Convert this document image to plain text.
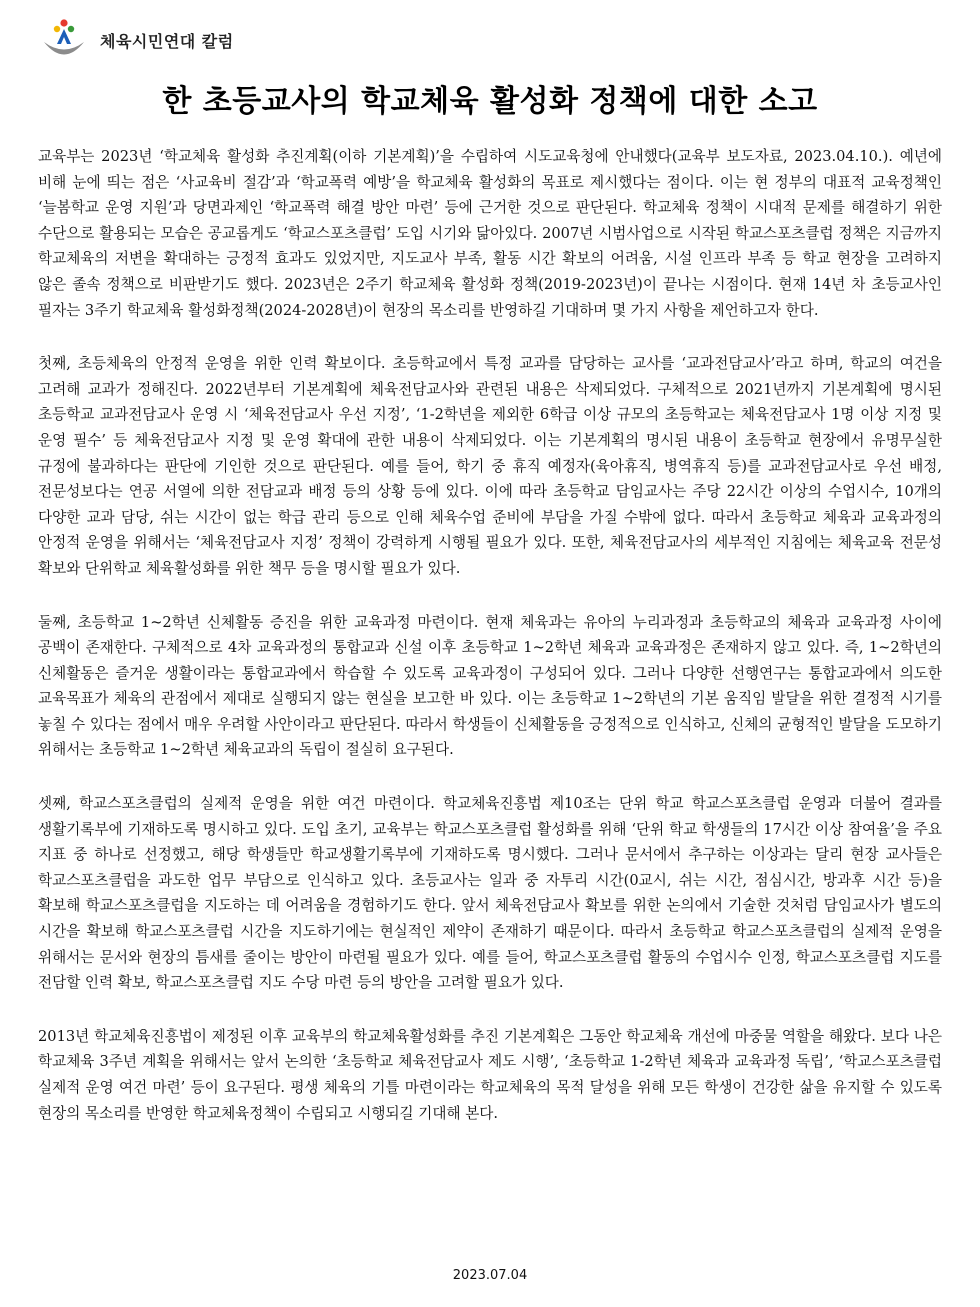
체육시민연대 칼럼
한 초등교사의 학교체육 활성화 정책에 대한 소고

교육부는 2023년 ‘학교체육 활성화 추진계획(이하 기본계획)’을 수립하여 시도교육청에 안내했다(교육부 보도자료, 2023.04.10.). 예년에 비해 눈에 띄는 점은 ‘사교육비 절감’과 ‘학교폭력 예방’을 학교체육 활성화의 목표로 제시했다는 점이다. 이는 현 정부의 대표적 교육정책인 ‘늘봄학교 운영 지원’과 당면과제인 ‘학교폭력 해결 방안 마련’ 등에 근거한 것으로 판단된다. 학교체육 정책이 시대적 문제를 해결하기 위한 수단으로 활용되는 모습은 공교롭게도 ‘학교스포츠클럽’ 도입 시기와 닮아있다. 2007년 시범사업으로 시작된 학교스포츠클럽 정책은 지금까지 학교체육의 저변을 확대하는 긍정적 효과도 있었지만, 지도교사 부족, 활동 시간 확보의 어려움, 시설 인프라 부족 등 학교 현장을 고려하지 않은 졸속 정책으로 비판받기도 했다. 2023년은 2주기 학교체육 활성화 정책(2019-2023년)이 끝나는 시점이다. 현재 14년 차 초등교사인 필자는 3주기 학교체육 활성화정책(2024-2028년)이 현장의 목소리를 반영하길 기대하며 몇 가지 사항을 제언하고자 한다.

첫째, 초등체육의 안정적 운영을 위한 인력 확보이다. 초등학교에서 특정 교과를 담당하는 교사를 ‘교과전담교사’라고 하며, 학교의 여건을 고려해 교과가 정해진다. 2022년부터 기본계획에 체육전담교사와 관련된 내용은 삭제되었다. 구체적으로 2021년까지 기본계획에 명시된 초등학교 교과전담교사 운영 시 ‘체육전담교사 우선 지정’, ‘1-2학년을 제외한 6학급 이상 규모의 초등학교는 체육전담교사 1명 이상 지정 및 운영 필수’ 등 체육전담교사 지정 및 운영 확대에 관한 내용이 삭제되었다. 이는 기본계획의 명시된 내용이 초등학교 현장에서 유명무실한 규정에 불과하다는 판단에 기인한 것으로 판단된다. 예를 들어, 학기 중 휴직 예정자(육아휴직, 병역휴직 등)를 교과전담교사로 우선 배정, 전문성보다는 연공 서열에 의한 전담교과 배정 등의 상황 등에 있다. 이에 따라 초등학교 담임교사는 주당 22시간 이상의 수업시수, 10개의 다양한 교과 담당, 쉬는 시간이 없는 학급 관리 등으로 인해 체육수업 준비에 부담을 가질 수밖에 없다. 따라서 초등학교 체육과 교육과정의 안정적 운영을 위해서는 ‘체육전담교사 지정’ 정책이 강력하게 시행될 필요가 있다. 또한, 체육전담교사의 세부적인 지침에는 체육교육 전문성 확보와 단위학교 체육활성화를 위한 책무 등을 명시할 필요가 있다.

둘째, 초등학교 1~2학년 신체활동 증진을 위한 교육과정 마련이다. 현재 체육과는 유아의 누리과정과 초등학교의 체육과 교육과정 사이에 공백이 존재한다. 구체적으로 4차 교육과정의 통합교과 신설 이후 초등학교 1~2학년 체육과 교육과정은 존재하지 않고 있다. 즉, 1~2학년의 신체활동은 즐거운 생활이라는 통합교과에서 학습할 수 있도록 교육과정이 구성되어 있다. 그러나 다양한 선행연구는 통합교과에서 의도한 교육목표가 체육의 관점에서 제대로 실행되지 않는 현실을 보고한 바 있다. 이는 초등학교 1~2학년의 기본 움직임 발달을 위한 결정적 시기를 놓칠 수 있다는 점에서 매우 우려할 사안이라고 판단된다. 따라서 학생들이 신체활동을 긍정적으로 인식하고, 신체의 균형적인 발달을 도모하기 위해서는 초등학교 1~2학년 체육교과의 독립이 절실히 요구된다.

셋째, 학교스포츠클럽의 실제적 운영을 위한 여건 마련이다. 학교체육진흥법 제10조는 단위 학교 학교스포츠클럽 운영과 더불어 결과를 생활기록부에 기재하도록 명시하고 있다. 도입 초기, 교육부는 학교스포츠클럽 활성화를 위해 ‘단위 학교 학생들의 17시간 이상 참여율’을 주요 지표 중 하나로 선정했고, 해당 학생들만 학교생활기록부에 기재하도록 명시했다. 그러나 문서에서 추구하는 이상과는 달리 현장 교사들은 학교스포츠클럽을 과도한 업무 부담으로 인식하고 있다. 초등교사는 일과 중 자투리 시간(0교시, 쉬는 시간, 점심시간, 방과후 시간 등)을 확보해 학교스포츠클럽을 지도하는 데 어려움을 경험하기도 한다. 앞서 체육전담교사 확보를 위한 논의에서 기술한 것처럼 담임교사가 별도의 시간을 확보해 학교스포츠클럽 시간을 지도하기에는 현실적인 제약이 존재하기 때문이다. 따라서 초등학교 학교스포츠클럽의 실제적 운영을 위해서는 문서와 현장의 틈새를 줄이는 방안이 마련될 필요가 있다. 예를 들어, 학교스포츠클럽 활동의 수업시수 인정, 학교스포츠클럽 지도를 전담할 인력 확보, 학교스포츠클럽 지도 수당 마련 등의 방안을 고려할 필요가 있다.

2013년 학교체육진흥법이 제정된 이후 교육부의 학교체육활성화를 추진 기본계획은 그동안 학교체육 개선에 마중물 역할을 해왔다. 보다 나은 학교체육 3주년 계획을 위해서는 앞서 논의한 ‘초등학교 체육전담교사 제도 시행’, ‘초등학교 1-2학년 체육과 교육과정 독립’, ‘학교스포츠클럽 실제적 운영 여건 마련’ 등이 요구된다. 평생 체육의 기틀 마련이라는 학교체육의 목적 달성을 위해 모든 학생이 건강한 삶을 유지할 수 있도록 현장의 목소리를 반영한 학교체육정책이 수립되고 시행되길 기대해 본다.

2023.07.04
